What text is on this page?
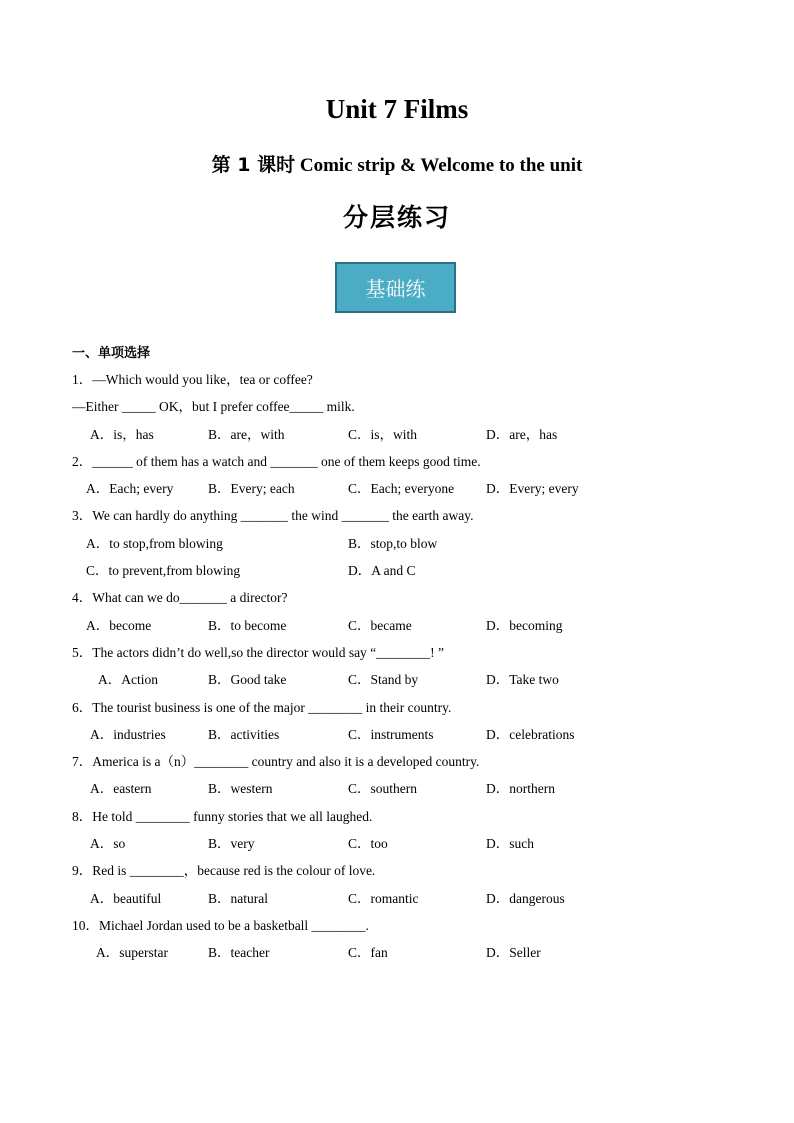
Unit 7 Films
第 1 课时 Comic strip & Welcome to the unit
分层练习
基础练
一、单项选择
1．—Which would you like，tea or coffee?
—Either _____ OK，but I prefer coffee_____ milk.
A．is，has	B．are，with	C．is，with	D．are，has
2．______ of them has a watch and _______ one of them keeps good time.
A．Each; every	B．Every; each	C．Each; everyone D．Every; every
3．We can hardly do anything _______ the wind _______ the earth away.
A．to stop,from blowing	B．stop,to blow
C．to prevent,from blowing	D．A and C
4．What can we do_______ a director?
A．become	B．to become	C．became	D．becoming
5．The actors didn’t do well,so the director would say “________! ”
A．Action	B．Good take	C．Stand by	D．Take two
6．The tourist business is one of the major ________ in their country.
A．industries	B．activities	C．instruments	D．celebrations
7．America is a（n）________ country and also it is a developed country.
A．eastern	B．western	C．southern	D．northern
8．He told ________ funny stories that we all laughed.
A．so	B．very	C．too	D．such
9．Red is ________，because red is the colour of love.
A．beautiful	B．natural	C．romantic	D．dangerous
10．Michael Jordan used to be a basketball ________.
A．superstar	B．teacher	C．fan	D．Seller
